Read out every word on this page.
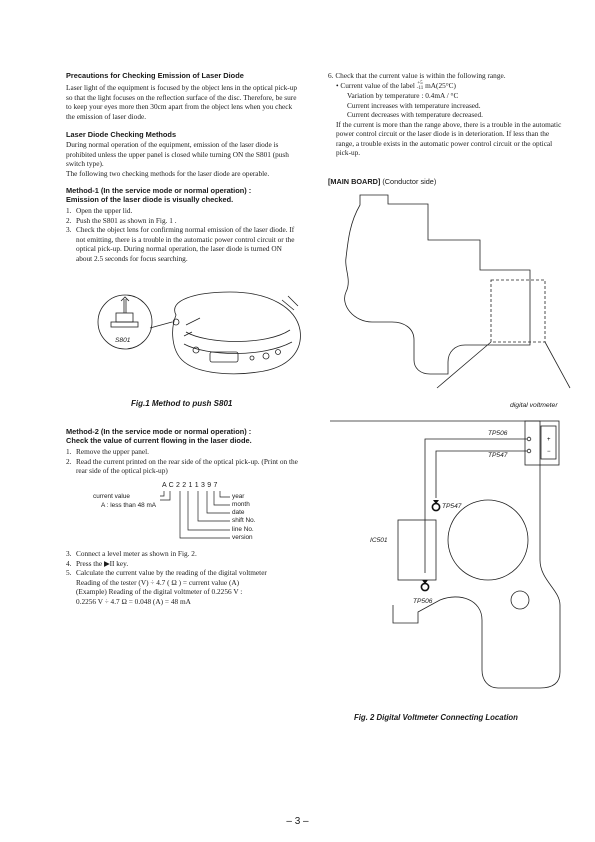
Precautions for Checking Emission of Laser Diode

Laser light of the equipment is focused by the object lens in the optical pick-up so that the light focuses on the reflection surface of the disc. Therefore, be sure to keep your eyes more then 30cm apart from the object lens when you check the emission of laser diode.

Laser Diode Checking Methods

During normal operation of the equipment, emission of the laser diode is prohibited unless the upper panel is closed while turning ON the S801 (push switch type).

The following two checking methods for the laser diode are operable.

Method-1 (In the service mode or normal operation) :
Emission of the laser diode is visually checked.
1. Open the upper lid.
2. Push the S801 as shown in Fig. 1 .
3. Check the object lens for confirming normal emission of the laser diode. If not emitting, there is a trouble in the automatic power control circuit or the optical pick-up. During normal operation, the laser diode is turned ON about 2.5 seconds for focus searching.
S801
Fig.1 Method to push S801
Method-2 (In the service mode or normal operation) :
Check the value of current flowing in the laser diode.
1. Remove the upper panel.
2. Read the current printed on the rear side of the optical pick-up. (Print on the rear side of the optical pick-up)
A C 2 2 1 1 3 9 7
current value
A : less than 48 mA
year
month
date
shift No.
line No.
version
3. Connect a level meter as shown in Fig. 2.
4. Press the ▶II key.
5. Calculate the current value by the reading of the digital voltmeter
Reading of the tester (V) ÷ 4.7 ( Ω ) = current value (A)
(Example) Reading of the digital voltmeter of 0.2256 V :
0.2256 V ÷ 4.7 Ω = 0.048 (A) = 48 mA
6. Check that the current value is within the following range.
• Current value of the label +5
-11 mA(25°C)
Variation by temperature : 0.4mA / °C
Current increases with temperature increased.
Current decreases with temperature decreased.

If the current is more than the range above, there is a trouble in the automatic power control circuit or the laser diode is in deterioration. If less than the range, a trouble exists in the automatic power control circuit or the optical pick-up.

[MAIN BOARD] (Conductor side)
digital voltmeter
+
−
TP506
TP547
TP547
IC501
TP506
Fig. 2 Digital Voltmeter Connecting Location
– 3 –
